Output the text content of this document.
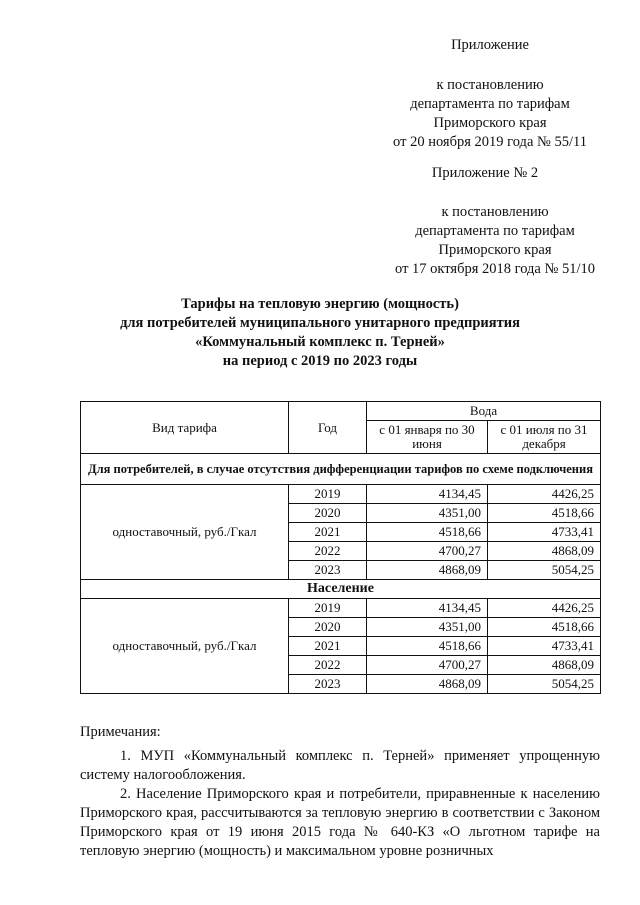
Приложение
к постановлению
департамента по тарифам
Приморского края
от 20 ноября 2019 года № 55/11
Приложение № 2
к постановлению
департамента по тарифам
Приморского края
от 17 октября 2018 года № 51/10
Тарифы на тепловую энергию (мощность)
для потребителей муниципального унитарного предприятия
«Коммунальный комплекс п. Терней»
на период с 2019 по 2023 годы
Вид тарифа	Год	Вода	
		с 01 января по 30 июня	с 01 июля по 31 декабря
Для потребителей, в случае отсутствия дифференциации тарифов по схеме подключения			
одноставочный, руб./Гкал	2019	4134,45	4426,25
	2020	4351,00	4518,66
	2021	4518,66	4733,41
	2022	4700,27	4868,09
	2023	4868,09	5054,25
Население			
одноставочный, руб./Гкал	2019	4134,45	4426,25
	2020	4351,00	4518,66
	2021	4518,66	4733,41
	2022	4700,27	4868,09
	2023	4868,09	5054,25

Примечания:

1. МУП «Коммунальный комплекс п. Терней» применяет упрощенную систему налогообложения.

2. Население Приморского края и потребители, приравненные к населению Приморского края, рассчитываются за тепловую энергию в соответствии с Законом Приморского края от 19 июня 2015 года № 640-КЗ «О льготном тарифе на тепловую энергию (мощность) и максимальном уровне розничных
